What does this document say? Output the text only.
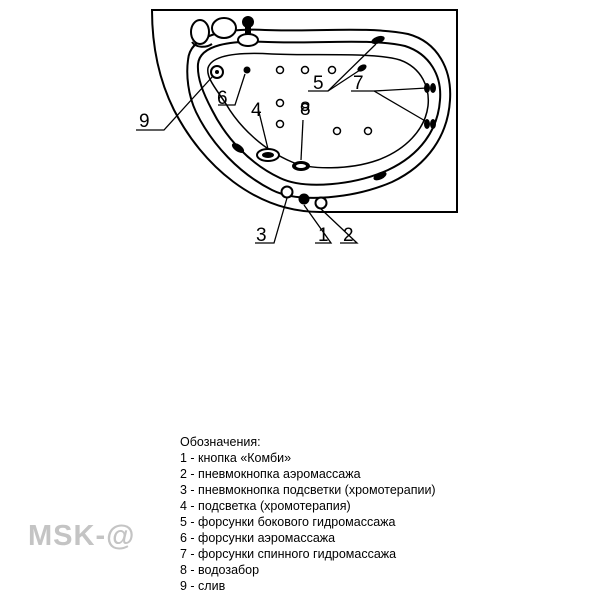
9
6
4 8
5 7
3	1 2
Обозначения:
1 - кнопка «Комби»
2 - пневмокнопка аэромассажа
3 - пневмокнопка подсветки (хромотерапии)
4 - подсветка (хромотерапия)
5 - форсунки бокового гидромассажа
6 - форсунки аэромассажа
7 - форсунки спинного гидромассажа
8 - водозабор
9 - слив
MSK-@
